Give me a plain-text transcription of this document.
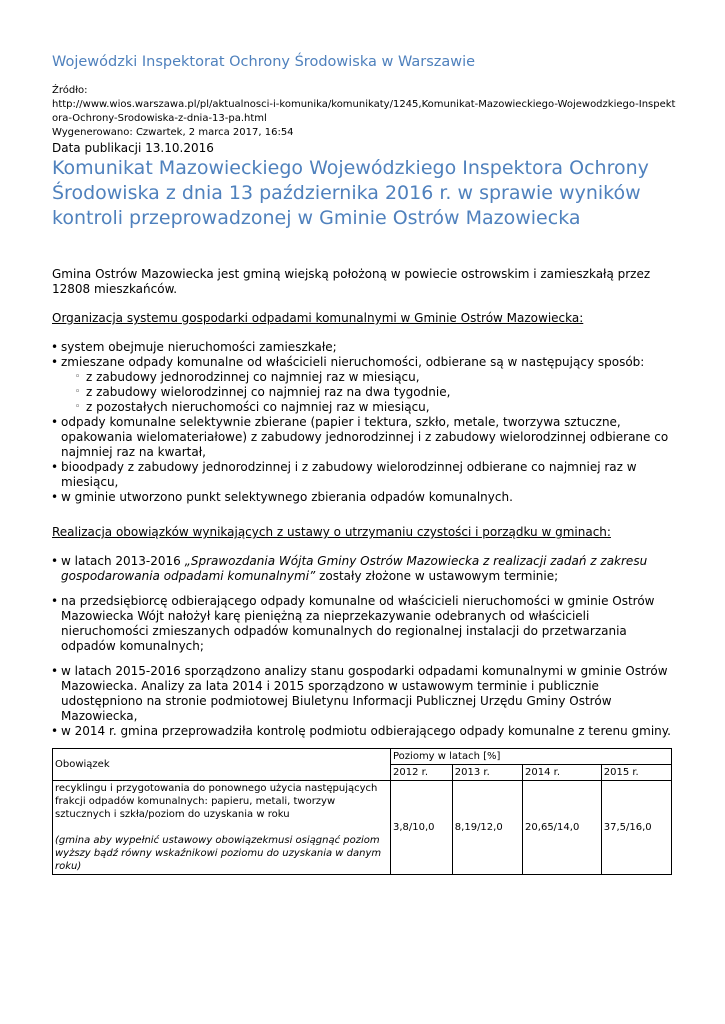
Wojewódzki Inspektorat Ochrony Środowiska w Warszawie
Źródło:
http://www.wios.warszawa.pl/pl/aktualnosci-i-komunika/komunikaty/1245,Komunikat-Mazowieckiego-Wojewodzkiego-Inspekt
ora-Ochrony-Srodowiska-z-dnia-13-pa.html
Wygenerowano: Czwartek, 2 marca 2017, 16:54
Data publikacji 13.10.2016
Komunikat Mazowieckiego Wojewódzkiego Inspektora Ochrony Środowiska z dnia 13 października 2016 r. w sprawie wyników kontroli przeprowadzonej w Gminie Ostrów Mazowiecka
Gmina Ostrów Mazowiecka jest gminą wiejską położoną w powiecie ostrowskim i zamieszkałą przez 12808 mieszkańców.
Organizacja systemu gospodarki odpadami komunalnymi w Gminie Ostrów Mazowiecka:
• system obejmuje nieruchomości zamieszkałe;
• zmieszane odpady komunalne od właścicieli nieruchomości, odbierane są w następujący sposób:
◦ z zabudowy jednorodzinnej co najmniej raz w miesiącu,
◦ z zabudowy wielorodzinnej co najmniej raz na dwa tygodnie,
◦ z pozostałych nieruchomości co najmniej raz w miesiącu,
• odpady komunalne selektywnie zbierane (papier i tektura, szkło, metale, tworzywa sztuczne, opakowania wielomateriałowe) z zabudowy jednorodzinnej i z zabudowy wielorodzinnej odbierane co najmniej raz na kwartał,
• bioodpady z zabudowy jednorodzinnej i z zabudowy wielorodzinnej odbierane co najmniej raz w miesiącu,
• w gminie utworzono punkt selektywnego zbierania odpadów komunalnych.
Realizacja obowiązków wynikających z ustawy o utrzymaniu czystości i porządku w gminach:
• w latach 2013-2016 „Sprawozdania Wójta Gminy Ostrów Mazowiecka z realizacji zadań z zakresu gospodarowania odpadami komunalnymi” zostały złożone w ustawowym terminie;
• na przedsiębiorcę odbierającego odpady komunalne od właścicieli nieruchomości w gminie Ostrów Mazowiecka Wójt nałożył karę pieniężną za nieprzekazywanie odebranych od właścicieli nieruchomości zmieszanych odpadów komunalnych do regionalnej instalacji do przetwarzania odpadów komunalnych;
• w latach 2015-2016 sporządzono analizy stanu gospodarki odpadami komunalnymi w gminie Ostrów Mazowiecka. Analizy za lata 2014 i 2015 sporządzono w ustawowym terminie i publicznie udostępniono na stronie podmiotowej Biuletynu Informacji Publicznej Urzędu Gminy Ostrów Mazowiecka,
• w 2014 r. gmina przeprowadziła kontrolę podmiotu odbierającego odpady komunalne z terenu gminy.
Obowiązek	Poziomy w latach [%]			
	2012 r.	2013 r.	2014 r.	2015 r.

recyklingu i przygotowania do ponownego użycia następujących frakcji odpadów komunalnych: papieru, metali, tworzyw sztucznych i szkła/poziom do uzyskania w roku
(gmina aby wypełnić ustawowy obowiązekmusi osiągnąć poziom wyższy bądź równy wskaźnikowi poziomu do uzyskania w danym roku)	3,8/10,0	8,19/12,0	20,65/14,0	37,5/16,0
